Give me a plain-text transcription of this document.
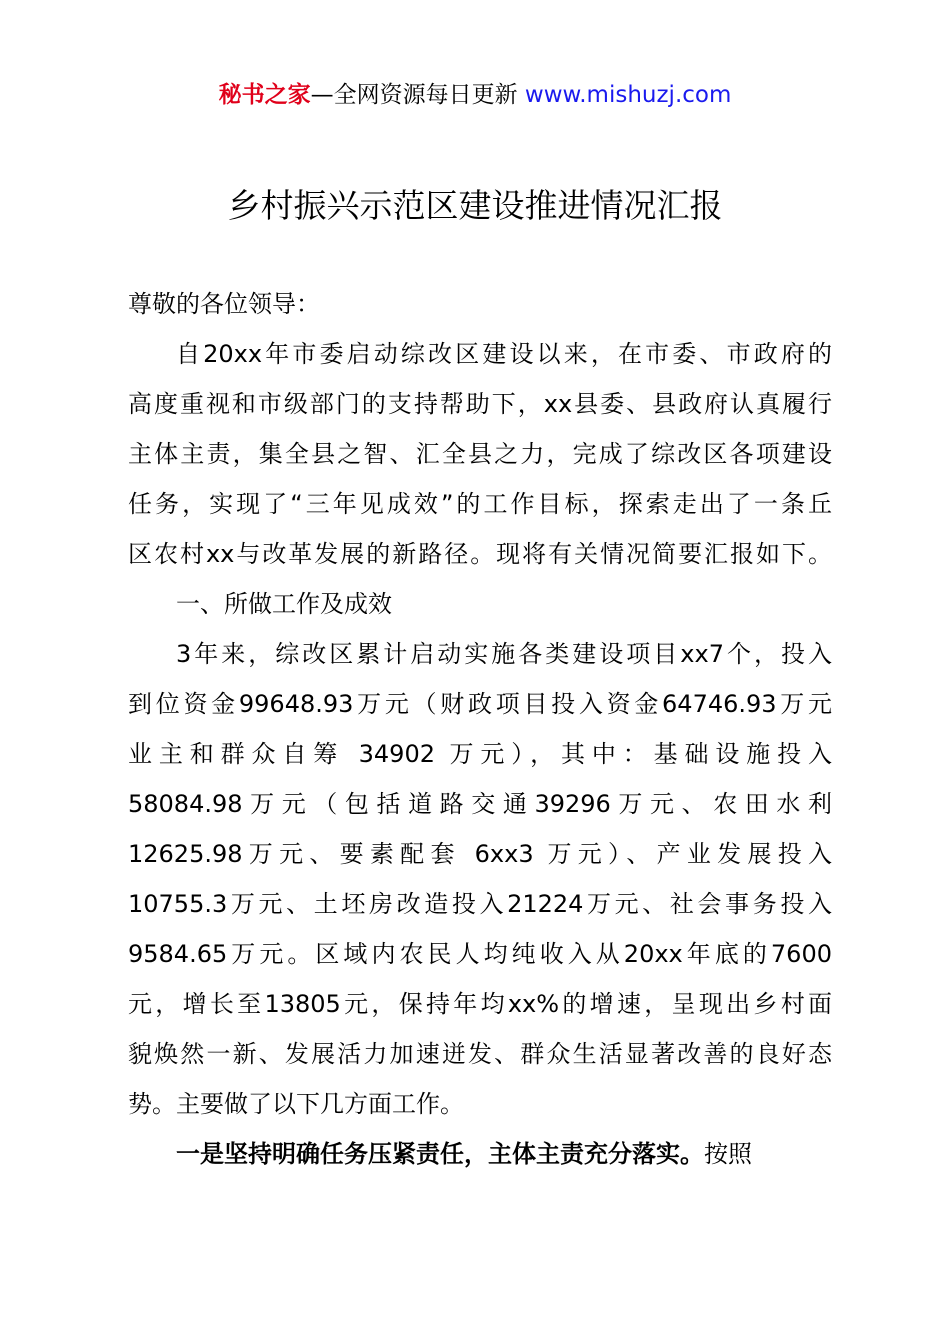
秘书之家—全网资源每日更新 www.mishuzj.com
乡村振兴示范区建设推进情况汇报
尊敬的各位领导：
自20xx年市委启动综改区建设以来，在市委、市政府的
高度重视和市级部门的支持帮助下，xx县委、县政府认真履行
主体主责，集全县之智、汇全县之力，完成了综改区各项建设
任务，实现了“三年见成效”的工作目标，探索走出了一条丘
区农村xx与改革发展的新路径。现将有关情况简要汇报如下。
一、所做工作及成效
3年来，综改区累计启动实施各类建设项目xx7个，投入
到位资金99648.93万元（财政项目投入资金64746.93万元
业主和群众自筹 34902 万元），其中：基础设施投入
58084.98万元（包括道路交通39296万元、农田水利
12625.98万元、要素配套 6xx3 万元）、产业发展投入
10755.3万元、土坯房改造投入21224万元、社会事务投入
9584.65万元。区域内农民人均纯收入从20xx年底的7600
元，增长至13805元，保持年均xx%的增速，呈现出乡村面
貌焕然一新、发展活力加速迸发、群众生活显著改善的良好态
势。主要做了以下几方面工作。
一是坚持明确任务压紧责任，主体主责充分落实。按照
